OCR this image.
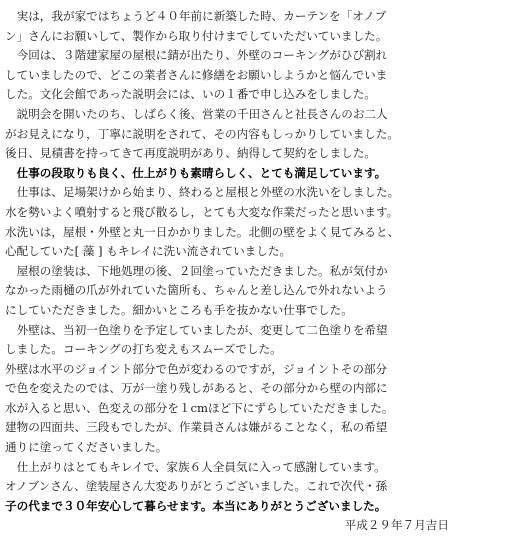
　実は，我が家ではちょうど４０年前に新築した時、カーテンを「オノブ
ン」さんにお願いして、製作から取り付けまでしていただいていました。
　今回は、３階建家屋の屋根に錆が出たり、外壁のコーキングがひび割れ
していましたので、どこの業者さんに修繕をお願いしようかと悩んでいま
した。文化会館であった説明会には、いの１番で申し込みをしました。
　説明会を開いたのち、しばらく後、営業の千田さんと社長さんのお二人
がお見えになり，丁寧に説明をされて、その内容もしっかりしていました。
後日、見積書を持ってきて再度説明があり、納得して契約をしました。
　仕事の段取りも良く、仕上がりも素晴らしく、とても満足しています。
　仕事は、足場架けから始まり、終わると屋根と外壁の水洗いをしました。
水を勢いよく噴射すると飛び散るし，とても大変な作業だったと思います。
水洗いは，屋根・外壁と丸一日かかりました。北側の壁をよく見てみると、
心配していた[ 藻 ] もキレイに洗い流されていました。
　屋根の塗装は、下地処理の後、２回塗っていただきました。私が気付か
なかった雨樋の爪が外れていた箇所も、ちゃんと差し込んで外れないよう
にしていただきました。細かいところも手を抜かない仕事でした。
　外壁は、当初一色塗りを予定していましたが、変更して二色塗りを希望
しました。コーキングの打ち変えもスムーズでした。
外壁は水平のジョイント部分で色が変わるのですが，ジョイントその部分
で色を変えたのでは、万が一塗り残しがあると、その部分から壁の内部に
水が入ると思い、色変えの部分を１cmほど下にずらしていただきました。
建物の四面共、三段もでしたが、作業員さんは嫌がることなく，私の希望
通りに塗ってくださいました。
　仕上がりはとてもキレイで、家族６人全員気に入って感謝しています。
オノブンさん、塗装屋さん大変ありがとうございました。これで次代・孫
子の代まで３０年安心して暮らせます。本当にありがとうございました。
平成２９年７月吉日
